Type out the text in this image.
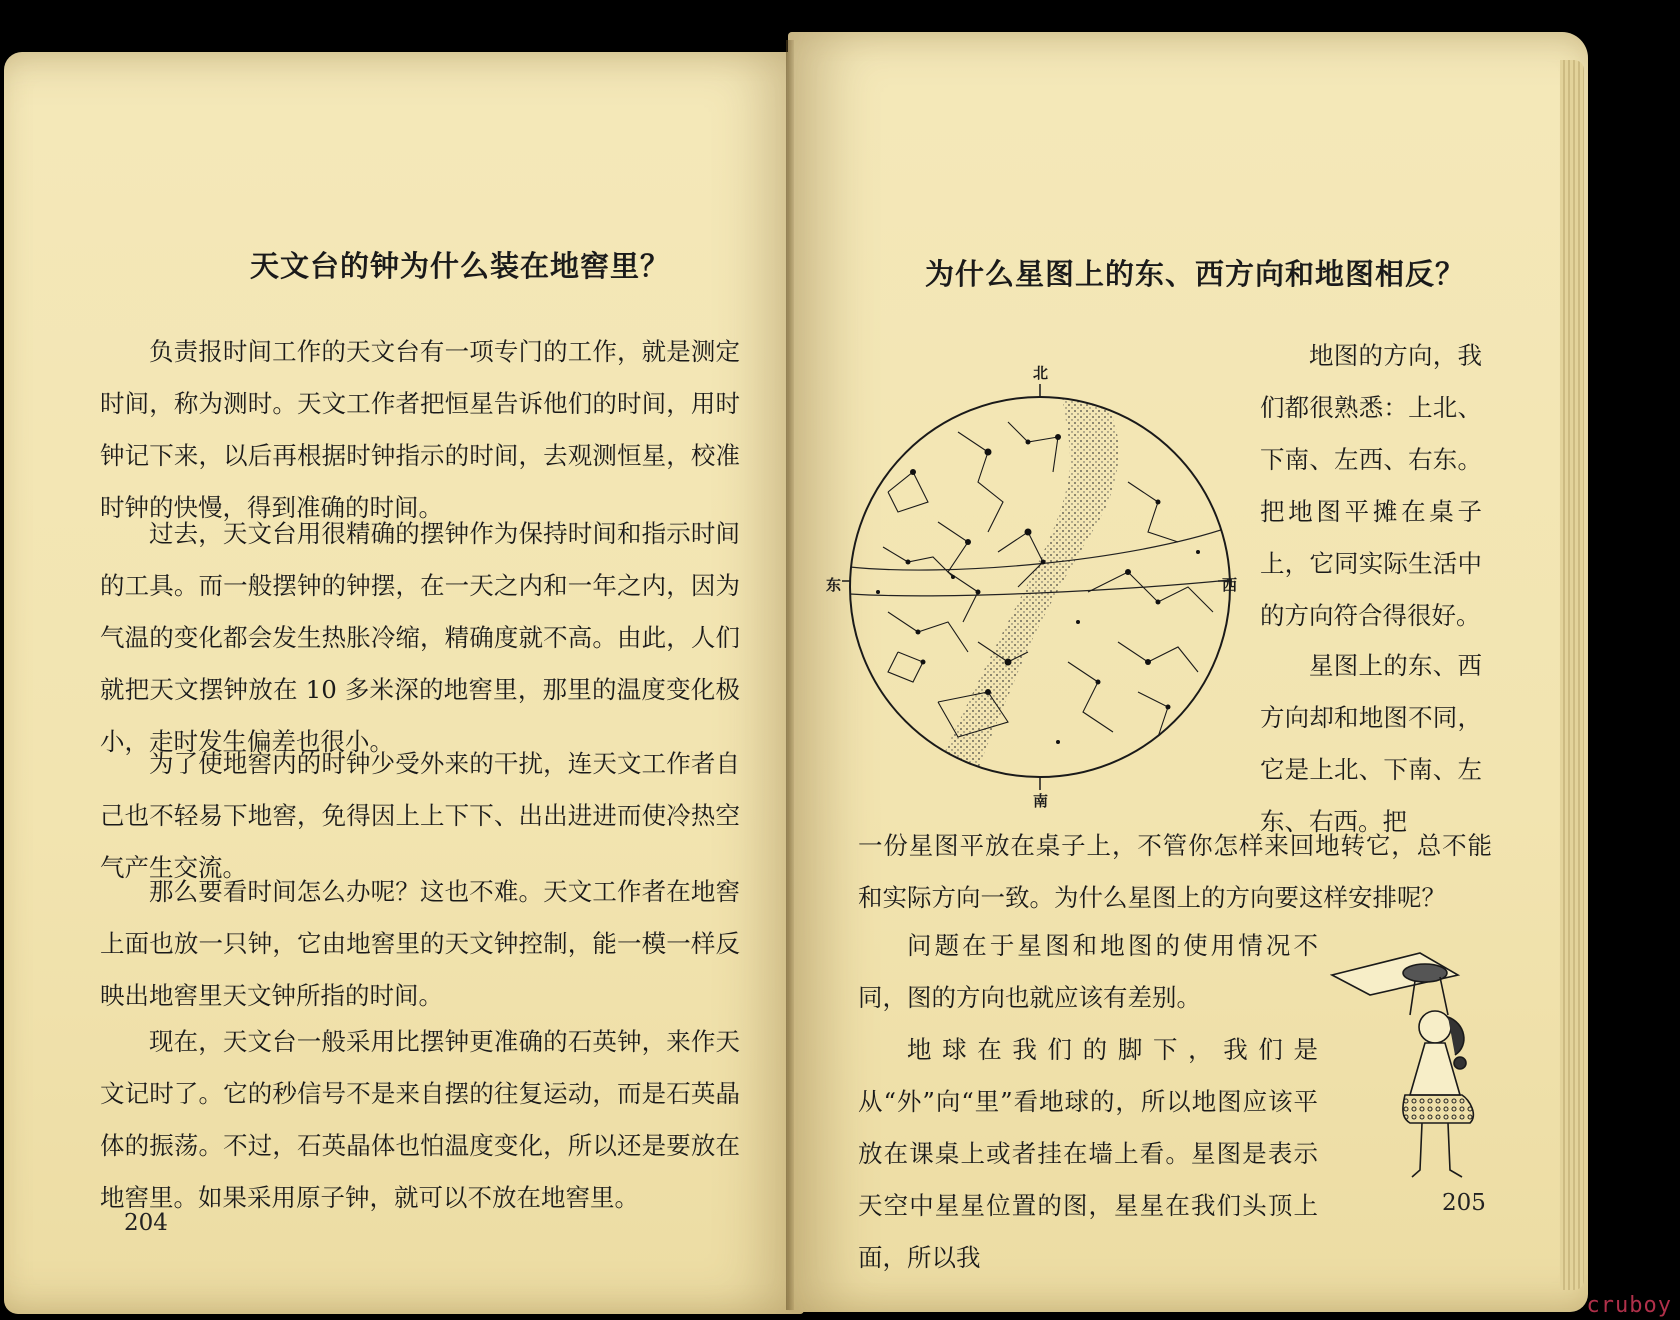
天文台的钟为什么装在地窖里？

负责报时间工作的天文台有一项专门的工作，就是测定时间，称为测时。天文工作者把恒星告诉他们的时间，用时钟记下来，以后再根据时钟指示的时间，去观测恒星，校准时钟的快慢，得到准确的时间。

过去，天文台用很精确的摆钟作为保持时间和指示时间的工具。而一般摆钟的钟摆，在一天之内和一年之内，因为气温的变化都会发生热胀冷缩，精确度就不高。由此，人们就把天文摆钟放在 10 多米深的地窖里，那里的温度变化极小，走时发生偏差也很小。

为了使地窖内的时钟少受外来的干扰，连天文工作者自己也不轻易下地窖，免得因上上下下、出出进进而使冷热空气产生交流。

那么要看时间怎么办呢？这也不难。天文工作者在地窖上面也放一只钟，它由地窖里的天文钟控制，能一模一样反映出地窖里天文钟所指的时间。

现在，天文台一般采用比摆钟更准确的石英钟，来作天文记时了。它的秒信号不是来自摆的往复运动，而是石英晶体的振荡。不过，石英晶体也怕温度变化，所以还是要放在地窖里。如果采用原子钟，就可以不放在地窖里。

204
为什么星图上的东、西方向和地图相反？

地图的方向，我们都很熟悉：上北、下南、左西、右东。把地图平摊在桌子上，它同实际生活中的方向符合得很好。

星图上的东、西方向却和地图不同，它是上北、下南、左东、右西。把

一份星图平放在桌子上，不管你怎样来回地转它，总不能和实际方向一致。为什么星图上的方向要这样安排呢？

问题在于星图和地图的使用情况不同，图的方向也就应该有差别。

地球在我们的脚下，我们是从“外”向“里”看地球的，所以地图应该平放在课桌上或者挂在墙上看。星图是表示天空中星星位置的图，星星在我们头顶上面，所以我

205
北
南
东	西
cruboy
